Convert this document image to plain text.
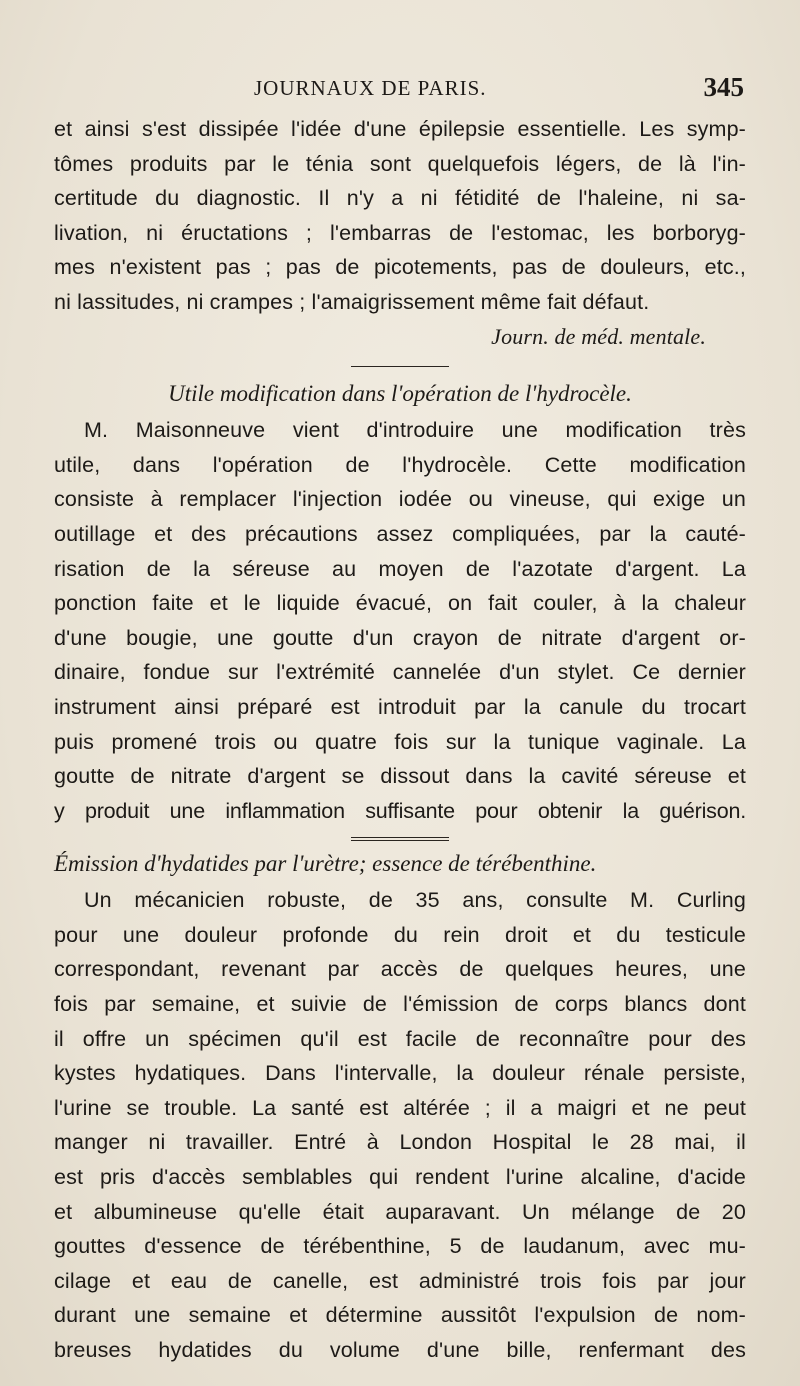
JOURNAUX DE PARIS.	345
et ainsi s'est dissipée l'idée d'une épilepsie essentielle. Les symp-
tômes produits par le ténia sont quelquefois légers, de là l'in-
certitude du diagnostic. Il n'y a ni fétidité de l'haleine, ni sa-
livation, ni éructations ; l'embarras de l'estomac, les borboryg-
mes n'existent pas ; pas de picotements, pas de douleurs, etc.,
ni lassitudes, ni crampes ; l'amaigrissement même fait défaut.
Journ. de méd. mentale.
Utile modification dans l'opération de l'hydrocèle.
M. Maisonneuve vient d'introduire une modification très
utile, dans l'opération de l'hydrocèle. Cette modification
consiste à remplacer l'injection iodée ou vineuse, qui exige un
outillage et des précautions assez compliquées, par la cauté-
risation de la séreuse au moyen de l'azotate d'argent. La
ponction faite et le liquide évacué, on fait couler, à la chaleur
d'une bougie, une goutte d'un crayon de nitrate d'argent or-
dinaire, fondue sur l'extrémité cannelée d'un stylet. Ce dernier
instrument ainsi préparé est introduit par la canule du trocart
puis promené trois ou quatre fois sur la tunique vaginale. La
goutte de nitrate d'argent se dissout dans la cavité séreuse et
y produit une inflammation suffisante pour obtenir la guérison.
Émission d'hydatides par l'urètre; essence de térébenthine.
Un mécanicien robuste, de 35 ans, consulte M. Curling
pour une douleur profonde du rein droit et du testicule
correspondant, revenant par accès de quelques heures, une
fois par semaine, et suivie de l'émission de corps blancs dont
il offre un spécimen qu'il est facile de reconnaître pour des
kystes hydatiques. Dans l'intervalle, la douleur rénale persiste,
l'urine se trouble. La santé est altérée ; il a maigri et ne peut
manger ni travailler. Entré à London Hospital le 28 mai, il
est pris d'accès semblables qui rendent l'urine alcaline, d'acide
et albumineuse qu'elle était auparavant. Un mélange de 20
gouttes d'essence de térébenthine, 5 de laudanum, avec mu-
cilage et eau de canelle, est administré trois fois par jour
durant une semaine et détermine aussitôt l'expulsion de nom-
breuses hydatides du volume d'une bille, renfermant des
